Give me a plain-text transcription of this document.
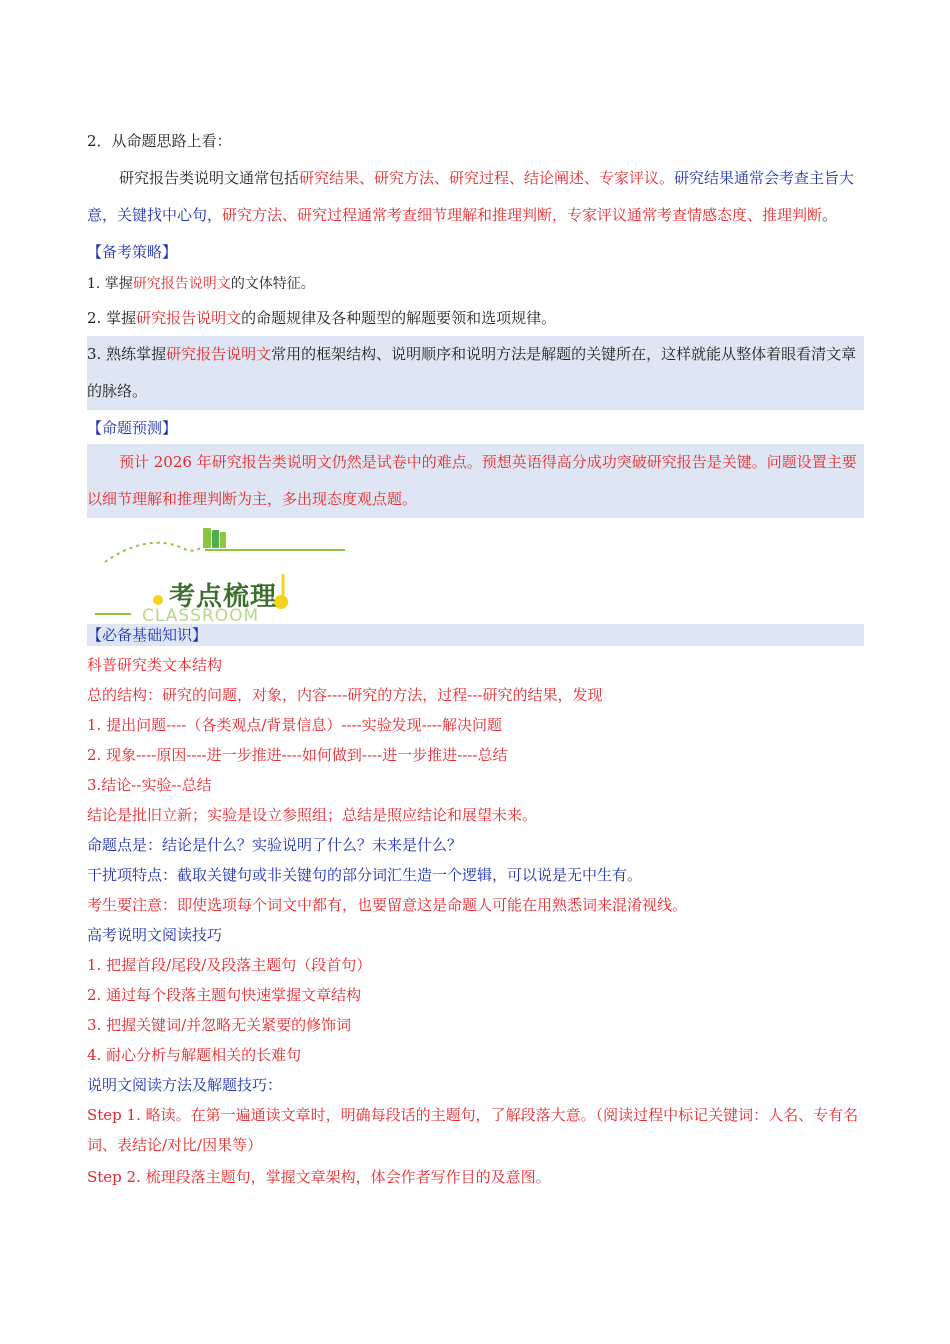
2．从命题思路上看：

研究报告类说明文通常包括研究结果、研究方法、研究过程、结论阐述、专家评议。研究结果通常会考查主旨大意，关键找中心句，研究方法、研究过程通常考查细节理解和推理判断，专家评议通常考查情感态度、推理判断。

【备考策略】

1. 掌握研究报告说明文的文体特征。

2. 掌握研究报告说明文的命题规律及各种题型的解题要领和选项规律。

3. 熟练掌握研究报告说明文常用的框架结构、说明顺序和说明方法是解题的关键所在，这样就能从整体着眼看清文章的脉络。

【命题预测】

预计 2026 年研究报告类说明文仍然是试卷中的难点。预想英语得高分成功突破研究报告是关键。问题设置主要以细节理解和推理判断为主，多出现态度观点题。

考点梳理
CLASSROOM

【必备基础知识】

科普研究类文本结构

总的结构：研究的问题，对象，内容----研究的方法，过程---研究的结果，发现

1. 提出问题----（各类观点/背景信息）----实验发现----解决问题

2. 现象----原因----进一步推进----如何做到----进一步推进----总结

3.结论--实验--总结

结论是批旧立新；实验是设立参照组；总结是照应结论和展望未来。

命题点是：结论是什么？实验说明了什么？未来是什么？

干扰项特点：截取关键句或非关键句的部分词汇生造一个逻辑，可以说是无中生有。

考生要注意：即使选项每个词文中都有，也要留意这是命题人可能在用熟悉词来混淆视线。

高考说明文阅读技巧

1. 把握首段/尾段/及段落主题句（段首句）

2. 通过每个段落主题句快速掌握文章结构

3. 把握关键词/并忽略无关紧要的修饰词

4. 耐心分析与解题相关的长难句

说明文阅读方法及解题技巧：

Step 1. 略读。在第一遍通读文章时，明确每段话的主题句，了解段落大意。（阅读过程中标记关键词：人名、专有名词、表结论/对比/因果等）

Step 2. 梳理段落主题句，掌握文章架构，体会作者写作目的及意图。
